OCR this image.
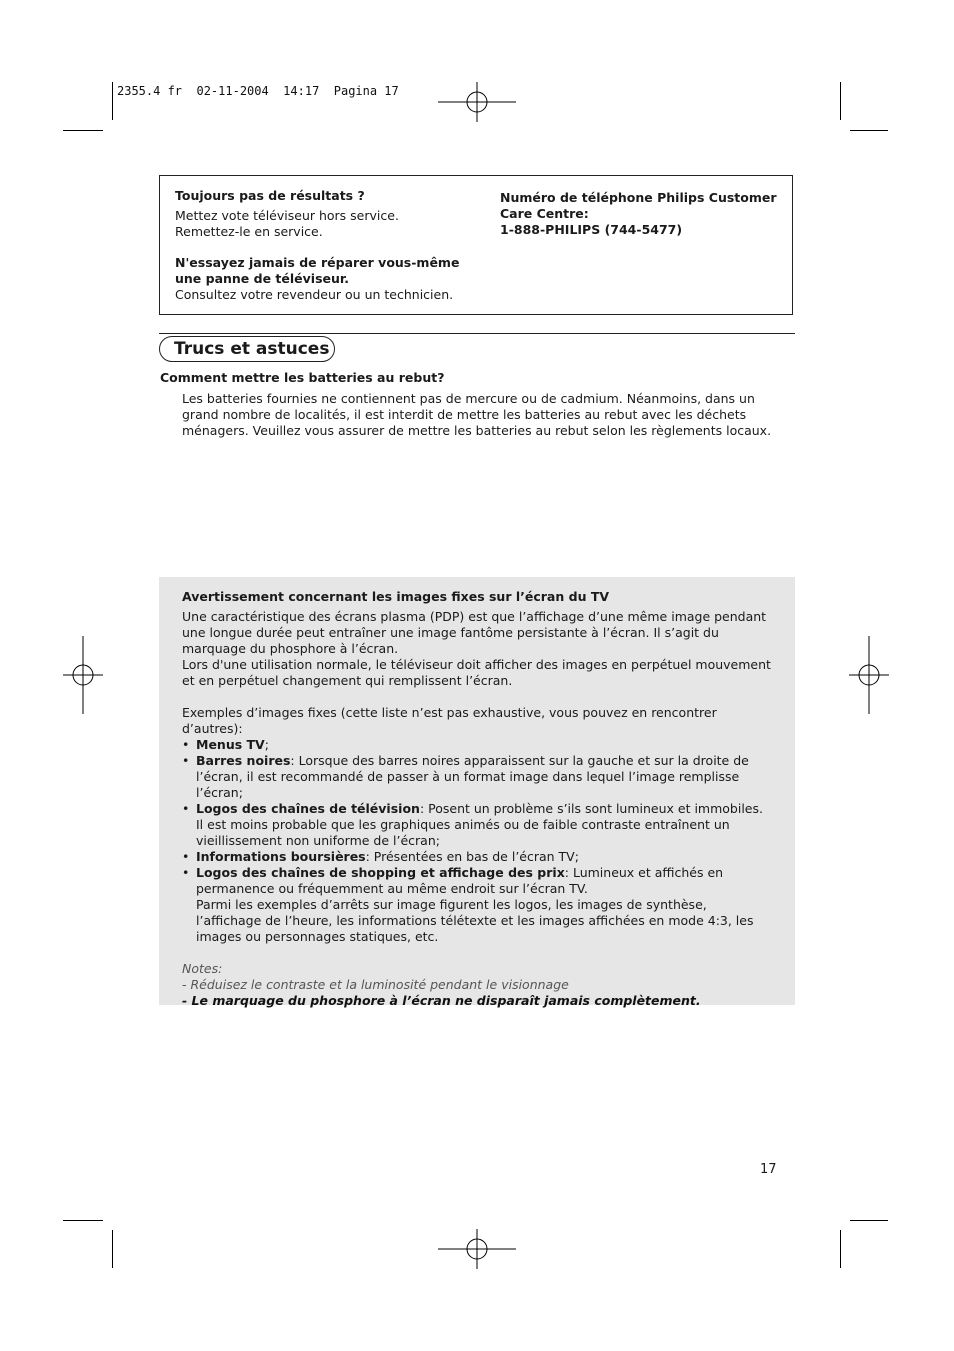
2355.4 fr  02-11-2004  14:17  Pagina 17

Toujours pas de résultats ?

Mettez vote téléviseur hors service. Remettez-le en service.

N'essayez jamais de réparer vous-même une panne de téléviseur.

Consultez votre revendeur ou un technicien.

Numéro de téléphone Philips Customer Care Centre:

1-888-PHILIPS (744-5477)

Trucs et astuces
Comment mettre les batteries au rebut?

Les batteries fournies ne contiennent pas de mercure ou de cadmium. Néanmoins, dans un grand nombre de localités, il est interdit de mettre les batteries au rebut avec les déchets ménagers. Veuillez vous assurer de mettre les batteries au rebut selon les règlements locaux.

Avertissement concernant les images fixes sur l’écran du TV

Une caractéristique des écrans plasma (PDP) est que l’affichage d’une même image pendant une longue durée peut entraîner une image fantôme persistante à l’écran. Il s’agit du marquage du phosphore à l’écran.

Lors d'une utilisation normale, le téléviseur doit afficher des images en perpétuel mouvement et en perpétuel changement qui remplissent l’écran.

Exemples d’images fixes (cette liste n’est pas exhaustive, vous pouvez en rencontrer d’autres):

• Menus TV;
• Barres noires: Lorsque des barres noires apparaissent sur la gauche et sur la droite de l’écran, il est recommandé de passer à un format image dans lequel l’image remplisse l’écran;
• Logos des chaînes de télévision: Posent un problème s’ils sont lumineux et immobiles. Il est moins probable que les graphiques animés ou de faible contraste entraînent un vieillissement non uniforme de l’écran;
• Informations boursières: Présentées en bas de l’écran TV;
• Logos des chaînes de shopping et affichage des prix: Lumineux et affichés en permanence ou fréquemment au même endroit sur l’écran TV.

Parmi les exemples d’arrêts sur image figurent les logos, les images de synthèse, l’affichage de l’heure, les informations télétexte et les images affichées en mode 4:3, les images ou personnages statiques, etc.

Notes:

- Réduisez le contraste et la luminosité pendant le visionnage

- Le marquage du phosphore à l’écran ne disparaît jamais complètement.

17
